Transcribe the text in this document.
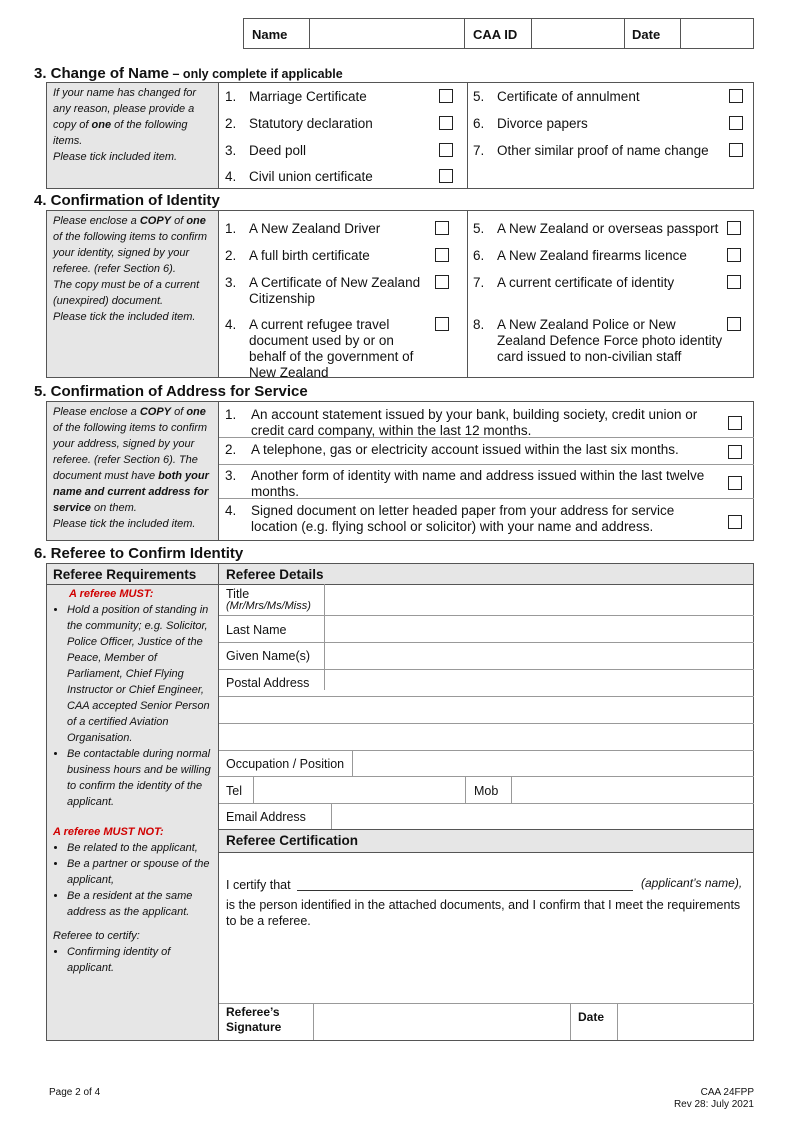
Name	CAA ID	Date
3. Change of Name – only complete if applicable
If your name has changed for any reason, please provide a copy of one of the following items.
Please tick included item.
1. Marriage Certificate
2. Statutory declaration
3. Deed poll
4. Civil union certificate
5. Certificate of annulment
6. Divorce papers
7. Other similar proof of name change
4. Confirmation of Identity
Please enclose a COPY of one of the following items to confirm your identity, signed by your referee. (refer Section 6).
The copy must be of a current (unexpired) document.
Please tick the included item.
1. A New Zealand Driver
2. A full birth certificate
3. A Certificate of New Zealand Citizenship
4. A current refugee travel document used by or on behalf of the government of New Zealand
5. A New Zealand or overseas passport
6. A New Zealand firearms licence
7. A current certificate of identity
8. A New Zealand Police or New Zealand Defence Force photo identity card issued to non-civilian staff
5. Confirmation of Address for Service
Please enclose a COPY of one of the following items to confirm your address, signed by your referee. (refer Section 6). The document must have both your name and current address for service on them.
Please tick the included item.
1. An account statement issued by your bank, building society, credit union or credit card company, within the last 12 months.
2. A telephone, gas or electricity account issued within the last six months.
3. Another form of identity with name and address issued within the last twelve months.
4. Signed document on letter headed paper from your address for service location (e.g. flying school or solicitor) with your name and address.
6. Referee to Confirm Identity
Referee Requirements
A referee MUST:
• Hold a position of standing in the community; e.g. Solicitor, Police Officer, Justice of the Peace, Member of Parliament, Chief Flying Instructor or Chief Engineer, CAA accepted Senior Person of a certified Aviation Organisation.
• Be contactable during normal business hours and be willing to confirm the identity of the applicant.
A referee MUST NOT:
• Be related to the applicant,
• Be a partner or spouse of the applicant,
• Be a resident at the same address as the applicant.
Referee to certify:
• Confirming identity of applicant.
Referee Details
Title
(Mr/Mrs/Ms/Miss)
Last Name
Given Name(s)
Postal Address
Occupation / Position
Tel	Mob
Email Address
Referee Certification
I certify that	(applicant’s name),
is the person identified in the attached documents, and I confirm that I meet the requirements to be a referee.
Referee’s
Signature
Date
Page 2 of 4	CAA 24FPP
Rev 28: July 2021
